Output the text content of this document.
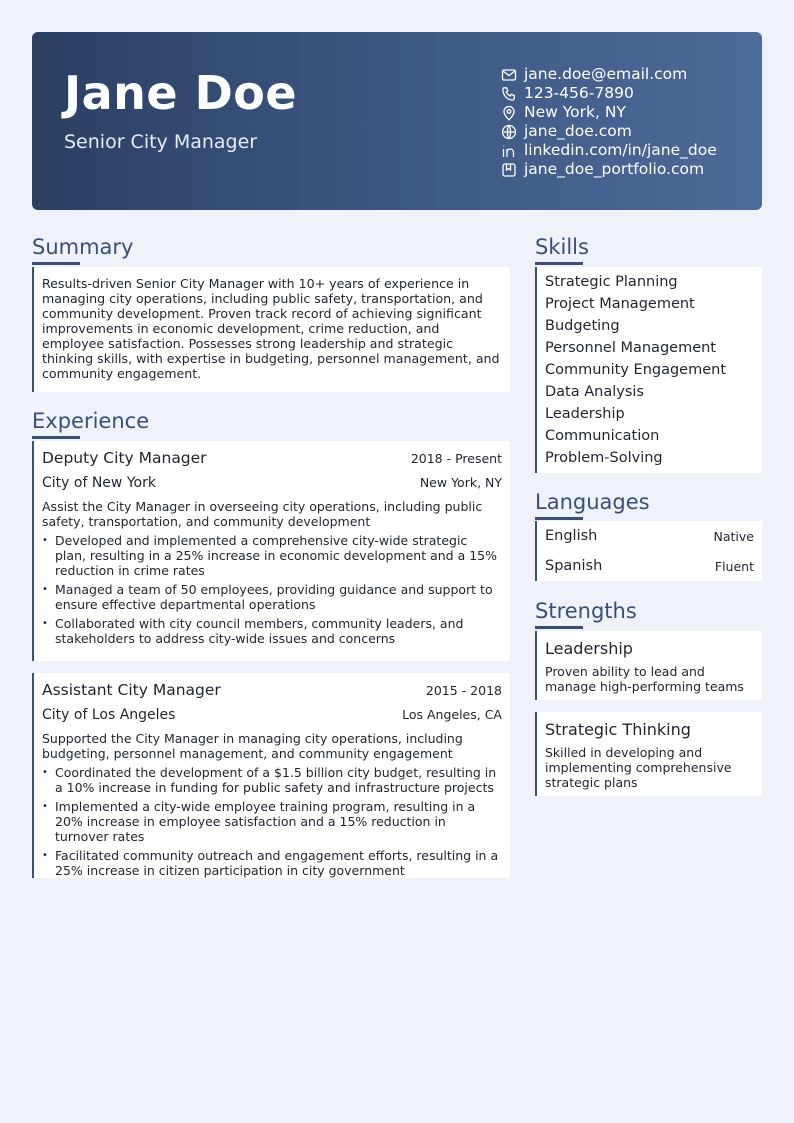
Jane Doe
Senior City Manager
jane.doe@email.com
123-456-7890
New York, NY
jane_doe.com
linkedin.com/in/jane_doe
jane_doe_portfolio.com
Summary

Results-driven Senior City Manager with 10+ years of experience in managing city operations, including public safety, transportation, and community development. Proven track record of achieving significant improvements in economic development, crime reduction, and employee satisfaction. Possesses strong leadership and strategic thinking skills, with expertise in budgeting, personnel management, and community engagement.

Experience
Deputy City Manager	2018 - Present
City of New York	New York, NY

Assist the City Manager in overseeing city operations, including public safety, transportation, and community development

• Developed and implemented a comprehensive city-wide strategic plan, resulting in a 25% increase in economic development and a 15% reduction in crime rates
• Managed a team of 50 employees, providing guidance and support to ensure effective departmental operations
• Collaborated with city council members, community leaders, and stakeholders to address city-wide issues and concerns
Assistant City Manager	2015 - 2018
City of Los Angeles	Los Angeles, CA

Supported the City Manager in managing city operations, including budgeting, personnel management, and community engagement

• Coordinated the development of a $1.5 billion city budget, resulting in a 10% increase in funding for public safety and infrastructure projects
• Implemented a city-wide employee training program, resulting in a 20% increase in employee satisfaction and a 15% reduction in turnover rates
• Facilitated community outreach and engagement efforts, resulting in a 25% increase in citizen participation in city government
Skills
Strategic Planning
Project Management
Budgeting
Personnel Management
Community Engagement
Data Analysis
Leadership
Communication
Problem-Solving
Languages
English	Native
Spanish	Fluent
Strengths
Leadership
Proven ability to lead and manage high-performing teams
Strategic Thinking
Skilled in developing and implementing comprehensive strategic plans
